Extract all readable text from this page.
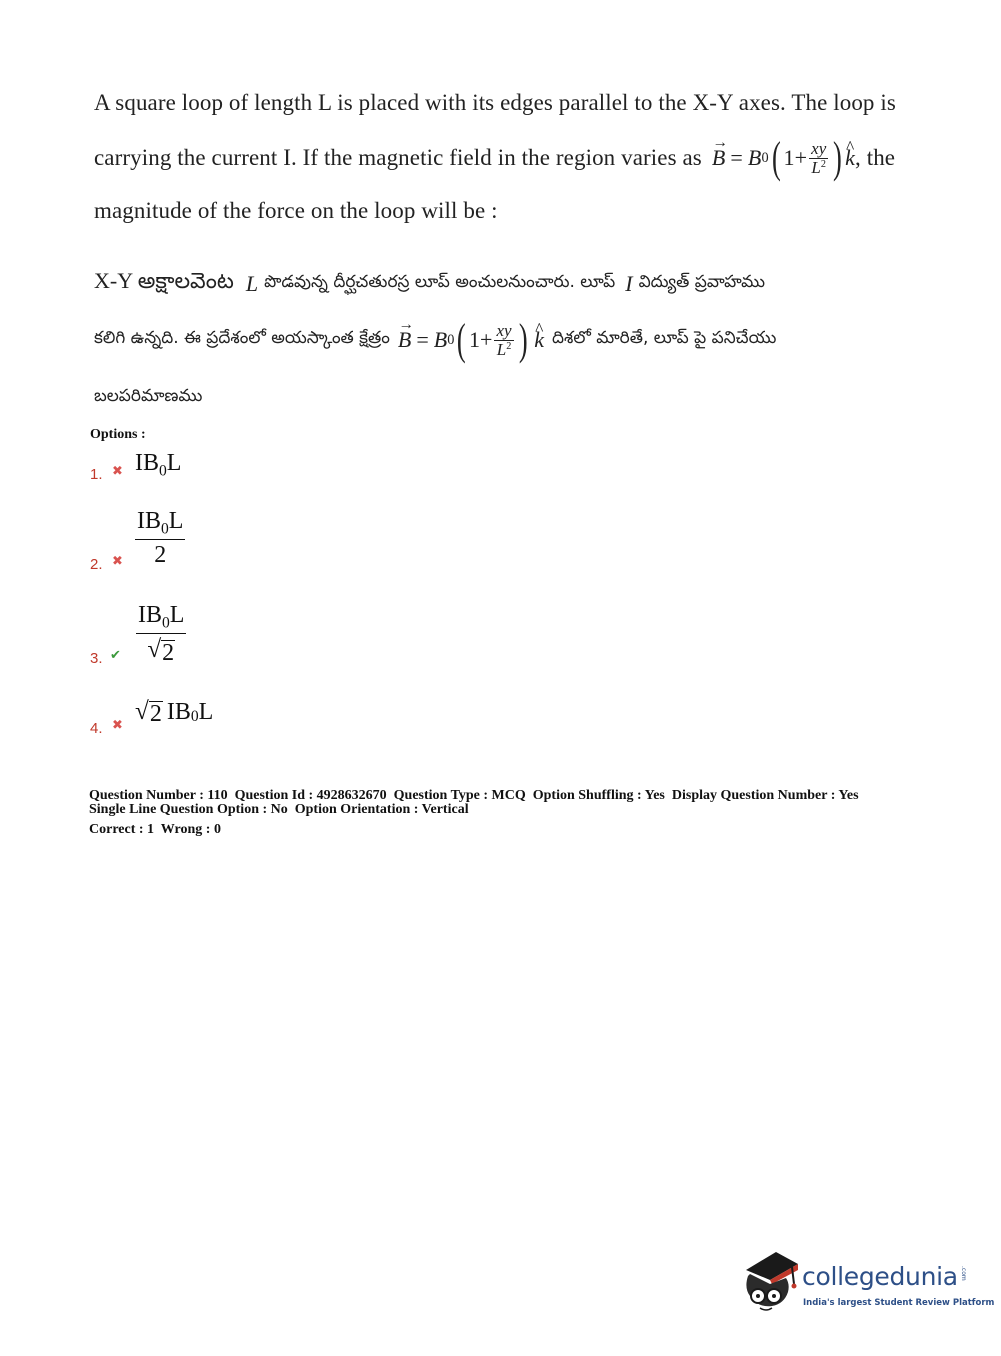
A square loop of length L is placed with its edges parallel to the X-Y axes. The loop is
carrying the current I. If the magnetic field in the region varies as → B = B 0 ( $1+ \frac{xy}{L^2}$ ) ^ k , the
magnitude of the force on the loop will be :
X-Y అక్షాలవెంట L పొడవున్న దీర్ఘచతురస్ర లూప్ అంచులనుంచారు. లూప్ I విద్యుత్ ప్రవాహము
కలిగి ఉన్నది. ఈ ప్రదేశంలో అయస్కాంత క్షేత్రం → B = B 0 ( $1+ \frac{xy}{L^2}$ ) ^ k దిశలో మారితే, లూప్ పై పనిచేయు
బలపరిమాణము
Options :
1. ✖ $IB_0L$
2. ✖ $\frac{IB_0L}{2}$
3. ✔ $\frac{IB_0L}{√ 2}$
4. ✖
√ 2 IB 0 L
Question Number : 110  Question Id : 4928632670  Question Type : MCQ  Option Shuffling : Yes  Display Question Number : Yes
Single Line Question Option : No  Option Orientation : Vertical
Correct : 1  Wrong : 0
collegedunia .com
India's largest Student Review Platform
